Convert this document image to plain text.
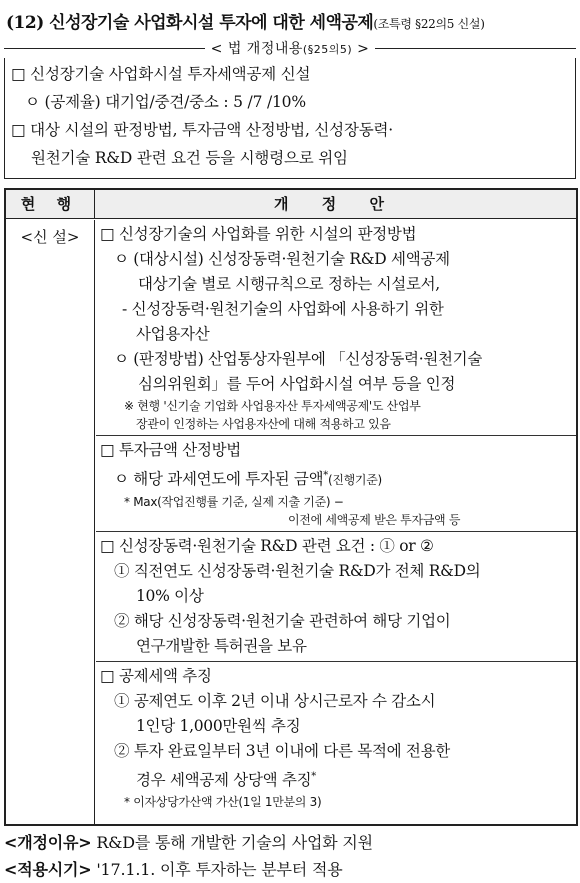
(12) 신성장기술 사업화시설 투자에 대한 세액공제(조특령 §22의5 신설)
< 법 개정내용(§25의5) >
□ 신성장기술 사업화시설 투자세액공제 신설
ㅇ (공제율) 대기업/중견/중소 : 5 /7 /10%
□ 대상 시설의 판정방법, 투자금액 산정방법, 신성장동력·
원천기술 R&D 관련 요건 등을 시행령으로 위임
현 행	개 정 안
<신 설>	□ 신성장기술의 사업화를 위한 시설의 판정방법
ㅇ (대상시설) 신성장동력·원천기술 R&D 세액공제
대상기술 별로 시행규칙으로 정하는 시설로서,
- 신성장동력·원천기술의 사업화에 사용하기 위한
사업용자산
ㅇ (판정방법) 산업통상자원부에 「신성장동력·원천기술
심의위원회」를 두어 사업화시설 여부 등을 인정
※ 현행 '신기술 기업화 사업용자산 투자세액공제'도 산업부
장관이 인정하는 사업용자산에 대해 적용하고 있음
□ 투자금액 산정방법
ㅇ 해당 과세연도에 투자된 금액*(진행기준)
* Max(작업진행률 기준, 실제 지출 기준) −
이전에 세액공제 받은 투자금액 등
□ 신성장동력·원천기술 R&D 관련 요건 : ① or ②
① 직전연도 신성장동력·원천기술 R&D가 전체 R&D의
10% 이상
② 해당 신성장동력·원천기술 관련하여 해당 기업이
연구개발한 특허권을 보유
□ 공제세액 추징
① 공제연도 이후 2년 이내 상시근로자 수 감소시
1인당 1,000만원씩 추징
② 투자 완료일부터 3년 이내에 다른 목적에 전용한
경우 세액공제 상당액 추징*
* 이자상당가산액 가산(1일 1만분의 3)
<개정이유> R&D를 통해 개발한 기술의 사업화 지원
<적용시기> '17.1.1. 이후 투자하는 분부터 적용
